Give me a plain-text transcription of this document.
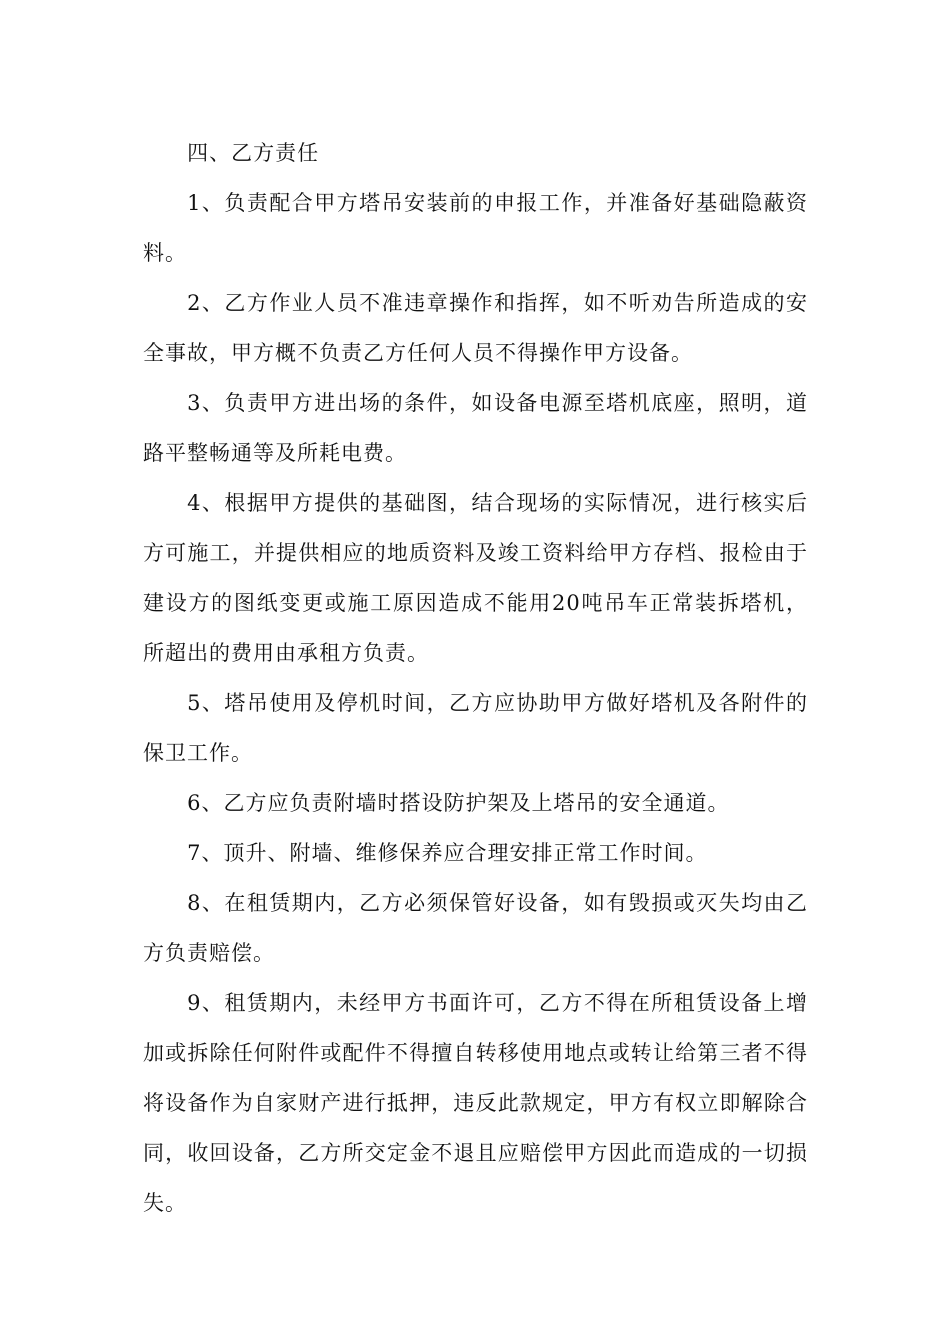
四、乙方责任

1、负责配合甲方塔吊安装前的申报工作，并准备好基础隐蔽资料。

2、乙方作业人员不准违章操作和指挥，如不听劝告所造成的安全事故，甲方概不负责乙方任何人员不得操作甲方设备。

3、负责甲方进出场的条件，如设备电源至塔机底座，照明，道路平整畅通等及所耗电费。

4、根据甲方提供的基础图，结合现场的实际情况，进行核实后方可施工，并提供相应的地质资料及竣工资料给甲方存档、报检由于建设方的图纸变更或施工原因造成不能用20吨吊车正常装拆塔机，所超出的费用由承租方负责。

5、塔吊使用及停机时间，乙方应协助甲方做好塔机及各附件的保卫工作。

6、乙方应负责附墙时搭设防护架及上塔吊的安全通道。

7、顶升、附墙、维修保养应合理安排正常工作时间。

8、在租赁期内，乙方必须保管好设备，如有毁损或灭失均由乙方负责赔偿。

9、租赁期内，未经甲方书面许可，乙方不得在所租赁设备上增加或拆除任何附件或配件不得擅自转移使用地点或转让给第三者不得将设备作为自家财产进行抵押，违反此款规定，甲方有权立即解除合同，收回设备，乙方所交定金不退且应赔偿甲方因此而造成的一切损失。
